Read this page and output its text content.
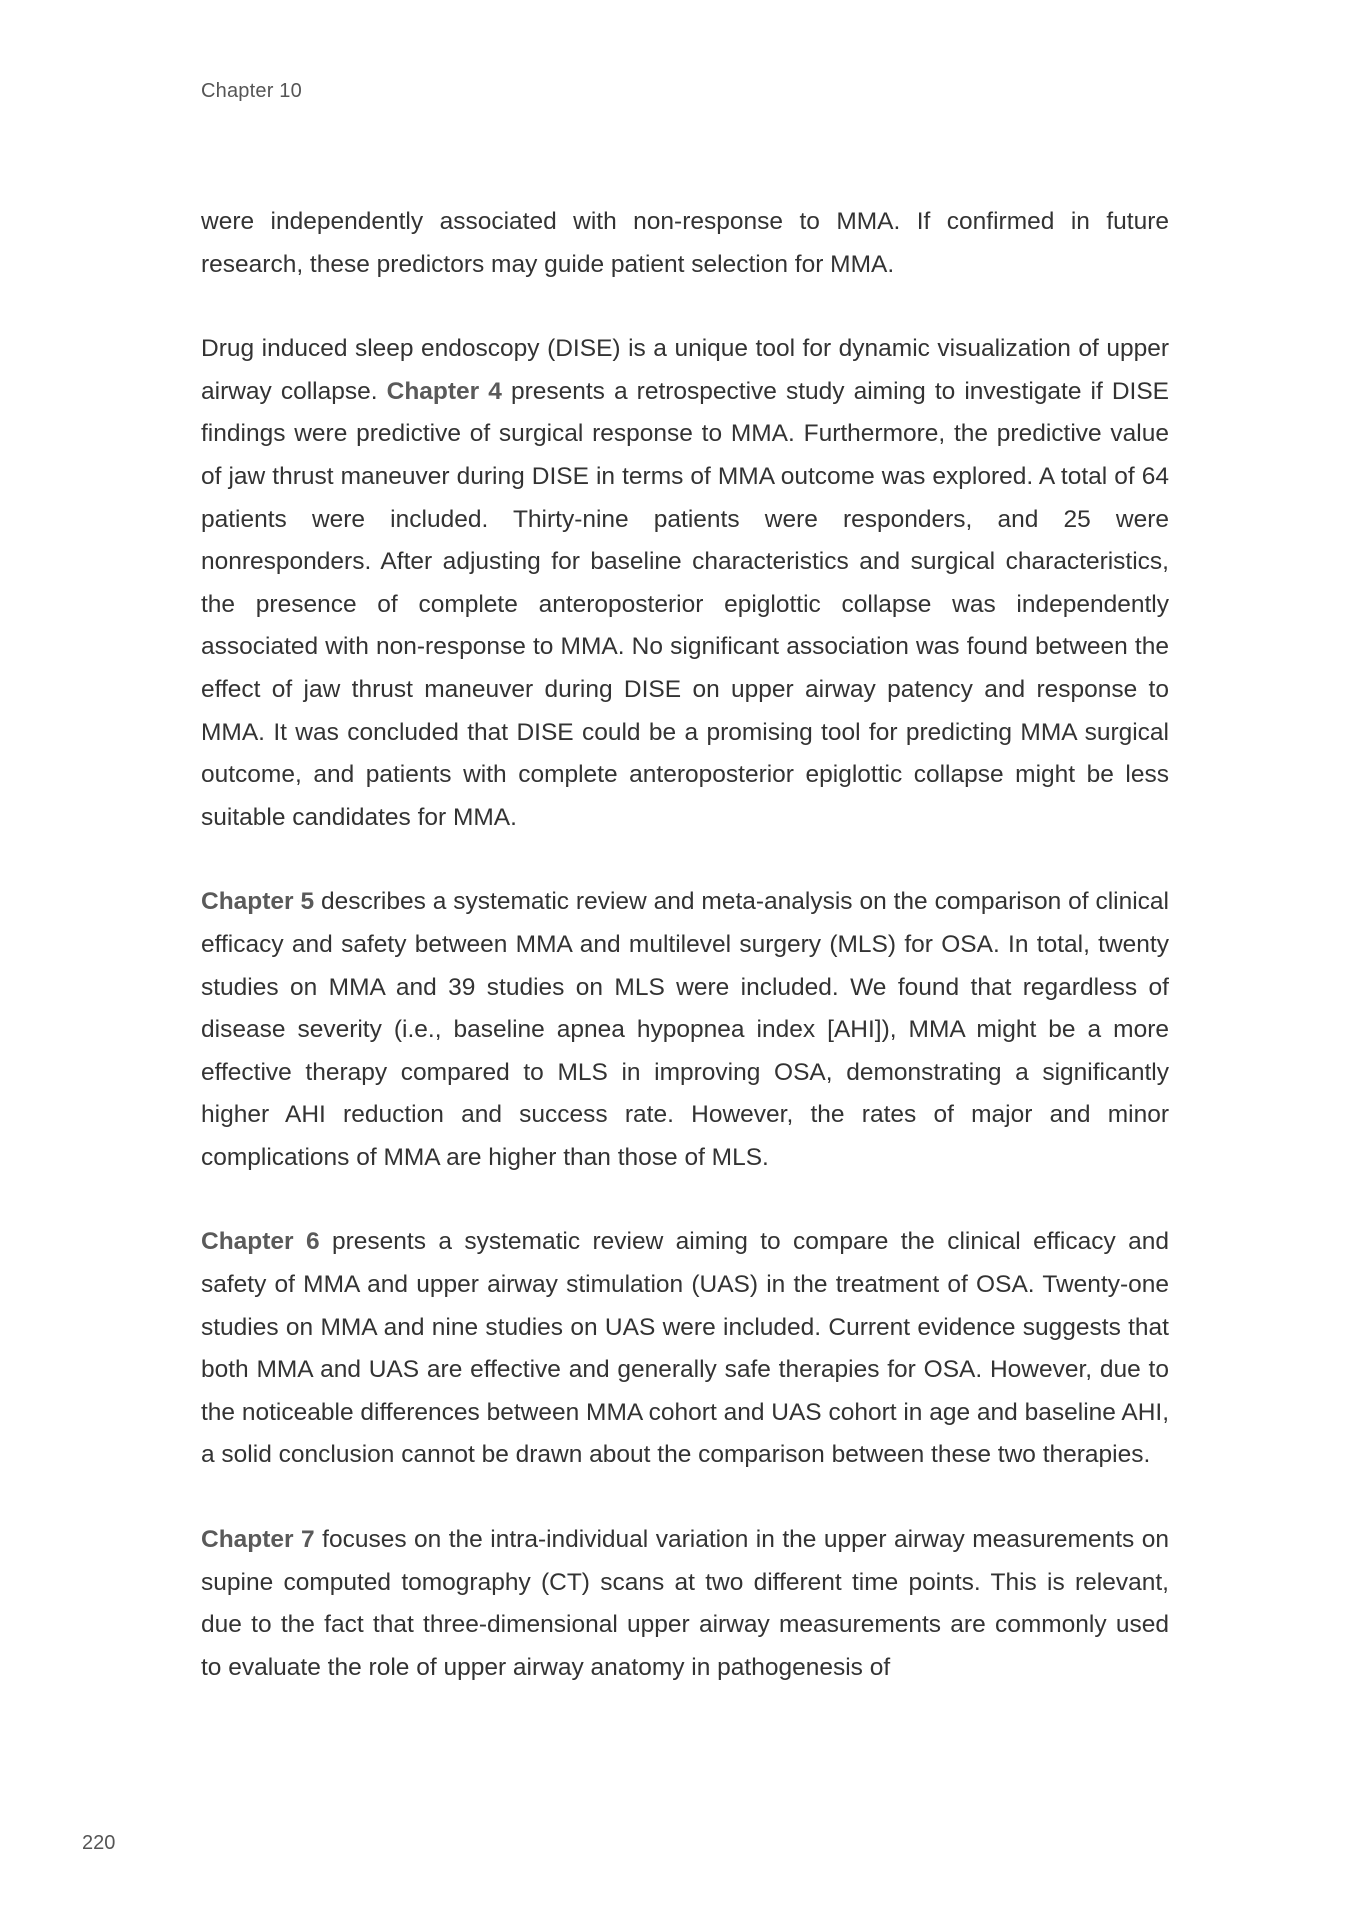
Chapter 10

were independently associated with non-response to MMA. If confirmed in future research, these predictors may guide patient selection for MMA.

Drug induced sleep endoscopy (DISE) is a unique tool for dynamic visualization of upper airway collapse. Chapter 4 presents a retrospective study aiming to investigate if DISE findings were predictive of surgical response to MMA. Furthermore, the predictive value of jaw thrust maneuver during DISE in terms of MMA outcome was explored. A total of 64 patients were included. Thirty-nine patients were responders, and 25 were nonresponders. After adjusting for baseline characteristics and surgical characteristics, the presence of complete anteroposterior epiglottic collapse was independently associated with non-response to MMA. No significant association was found between the effect of jaw thrust maneuver during DISE on upper airway patency and response to MMA. It was concluded that DISE could be a promising tool for predicting MMA surgical outcome, and patients with complete anteroposterior epiglottic collapse might be less suitable candidates for MMA.

Chapter 5 describes a systematic review and meta-analysis on the comparison of clinical efficacy and safety between MMA and multilevel surgery (MLS) for OSA. In total, twenty studies on MMA and 39 studies on MLS were included. We found that regardless of disease severity (i.e., baseline apnea hypopnea index [AHI]), MMA might be a more effective therapy compared to MLS in improving OSA, demonstrating a significantly higher AHI reduction and success rate. However, the rates of major and minor complications of MMA are higher than those of MLS.

Chapter 6 presents a systematic review aiming to compare the clinical efficacy and safety of MMA and upper airway stimulation (UAS) in the treatment of OSA. Twenty-one studies on MMA and nine studies on UAS were included. Current evidence suggests that both MMA and UAS are effective and generally safe therapies for OSA. However, due to the noticeable differences between MMA cohort and UAS cohort in age and baseline AHI, a solid conclusion cannot be drawn about the comparison between these two therapies.

Chapter 7 focuses on the intra-individual variation in the upper airway measurements on supine computed tomography (CT) scans at two different time points. This is relevant, due to the fact that three-dimensional upper airway measurements are commonly used to evaluate the role of upper airway anatomy in pathogenesis of

220
